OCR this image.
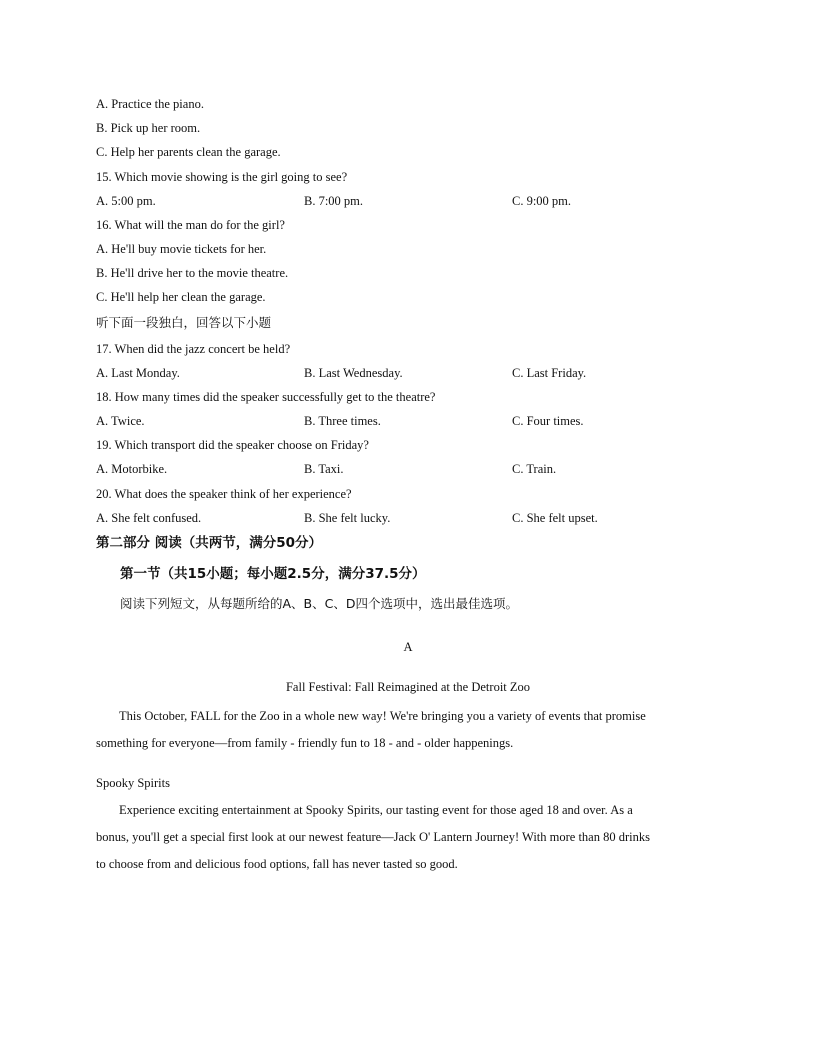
A. Practice the piano.
B. Pick up her room.
C. Help her parents clean the garage.
15. Which movie showing is the girl going to see?
A. 5:00 pm.	B. 7:00 pm.	C. 9:00 pm.
16. What will the man do for the girl?
A. He'll buy movie tickets for her.
B. He'll drive her to the movie theatre.
C. He'll help her clean the garage.
听下面一段独白，回答以下小题
17. When did the jazz concert be held?
A. Last Monday.	B. Last Wednesday.	C. Last Friday.
18. How many times did the speaker successfully get to the theatre?
A. Twice.	B. Three times.	C. Four times.
19. Which transport did the speaker choose on Friday?
A. Motorbike.	B. Taxi.	C. Train.
20. What does the speaker think of her experience?
A. She felt confused.	B. She felt lucky.	C. She felt upset.
第二部分 阅读（共两节，满分50分）
第一节（共15小题；每小题2.5分，满分37.5分）
阅读下列短文，从每题所给的A、B、C、D四个选项中，选出最佳选项。
A
Fall Festival: Fall Reimagined at the Detroit Zoo
This October, FALL for the Zoo in a whole new way! We're bringing you a variety of events that promise
something for everyone—from family - friendly fun to 18 - and - older happenings.
Spooky Spirits
Experience exciting entertainment at Spooky Spirits, our tasting event for those aged 18 and over. As a
bonus, you'll get a special first look at our newest feature—Jack O' Lantern Journey! With more than 80 drinks
to choose from and delicious food options, fall has never tasted so good.
